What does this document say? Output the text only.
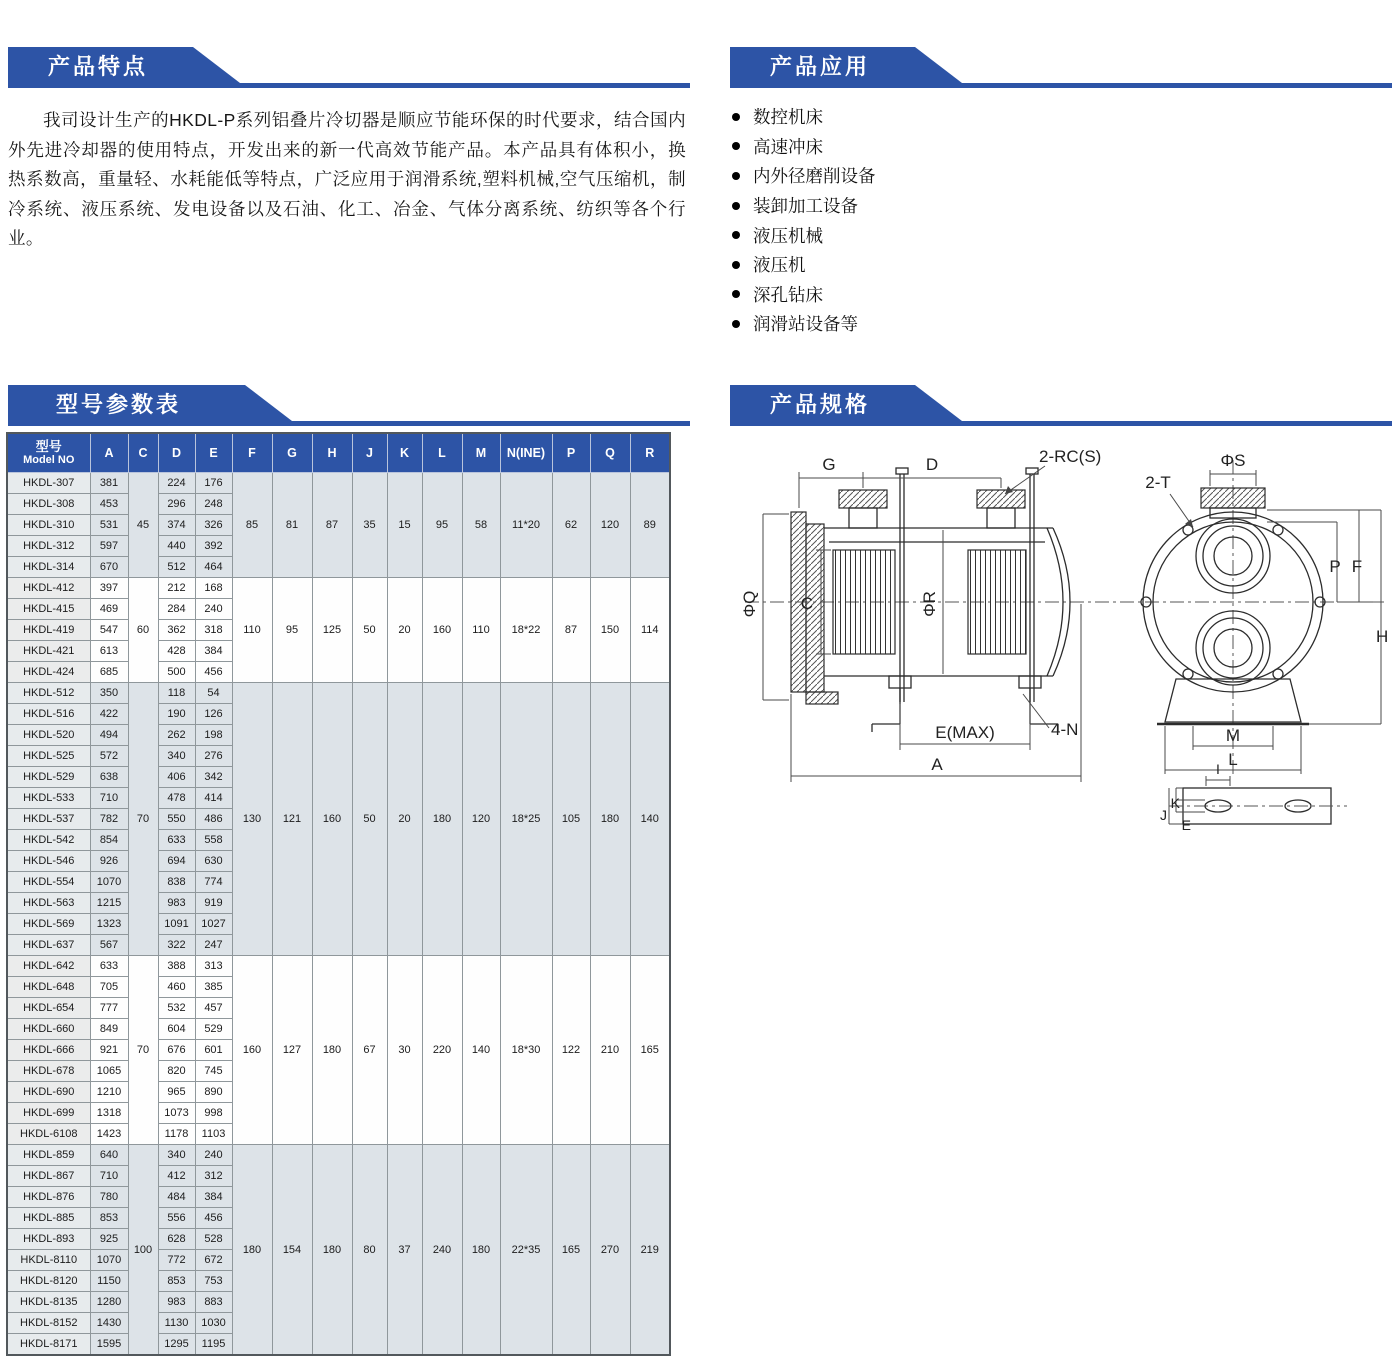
产品特点
我司设计生产的HKDL-P系列铝叠片冷切器是顺应节能环保的时代要求，结合国内外先进冷却器的使用特点，开发出来的新一代高效节能产品。本产品具有体积小，换热系数高，重量轻、水耗能低等特点，广泛应用于润滑系统,塑料机械,空气压缩机，制冷系统、液压系统、发电设备以及石油、化工、冶金、气体分离系统、纺织等各个行业。
产品应用
数控机床
高速冲床
内外径磨削设备
装卸加工设备
液压机械
液压机
深孔钻床
润滑站设备等
型号参数表
型号
Model NO	A	C	D	E	F	G	H	J	K	L	M	N(INE)	P	Q	R
HKDL-307	381	45	224	176	85	81	87	35	15	95	58	11*20	62	120	89
HKDL-308	453		296	248											
HKDL-310	531		374	326											
HKDL-312	597		440	392											
HKDL-314	670		512	464											
HKDL-412	397	60	212	168	110	95	125	50	20	160	110	18*22	87	150	114
HKDL-415	469		284	240											
HKDL-419	547		362	318											
HKDL-421	613		428	384											
HKDL-424	685		500	456											
HKDL-512	350	70	118	54	130	121	160	50	20	180	120	18*25	105	180	140
HKDL-516	422		190	126											
HKDL-520	494		262	198											
HKDL-525	572		340	276											
HKDL-529	638		406	342											
HKDL-533	710		478	414											
HKDL-537	782		550	486											
HKDL-542	854		633	558											
HKDL-546	926		694	630											
HKDL-554	1070		838	774											
HKDL-563	1215		983	919											
HKDL-569	1323		1091	1027											
HKDL-637	567		322	247											
HKDL-642	633	70	388	313	160	127	180	67	30	220	140	18*30	122	210	165
HKDL-648	705		460	385											
HKDL-654	777		532	457											
HKDL-660	849		604	529											
HKDL-666	921		676	601											
HKDL-678	1065		820	745											
HKDL-690	1210		965	890											
HKDL-699	1318		1073	998											
HKDL-6108	1423		1178	1103											
HKDL-859	640	100	340	240	180	154	180	80	37	240	180	22*35	165	270	219
HKDL-867	710		412	312											
HKDL-876	780		484	384											
HKDL-885	853		556	456											
HKDL-893	925		628	528											
HKDL-8110	1070		772	672											
HKDL-8120	1150		853	753											
HKDL-8135	1280		983	883											
HKDL-8152	1430		1130	1030											
HKDL-8171	1595		1295	1195											
产品规格
G	D	2-RC(S)
ΦQ C	ΦR
E(MAX)	4-N
A
ΦS
2-T
P F
H
M
L
I
J
K
E
